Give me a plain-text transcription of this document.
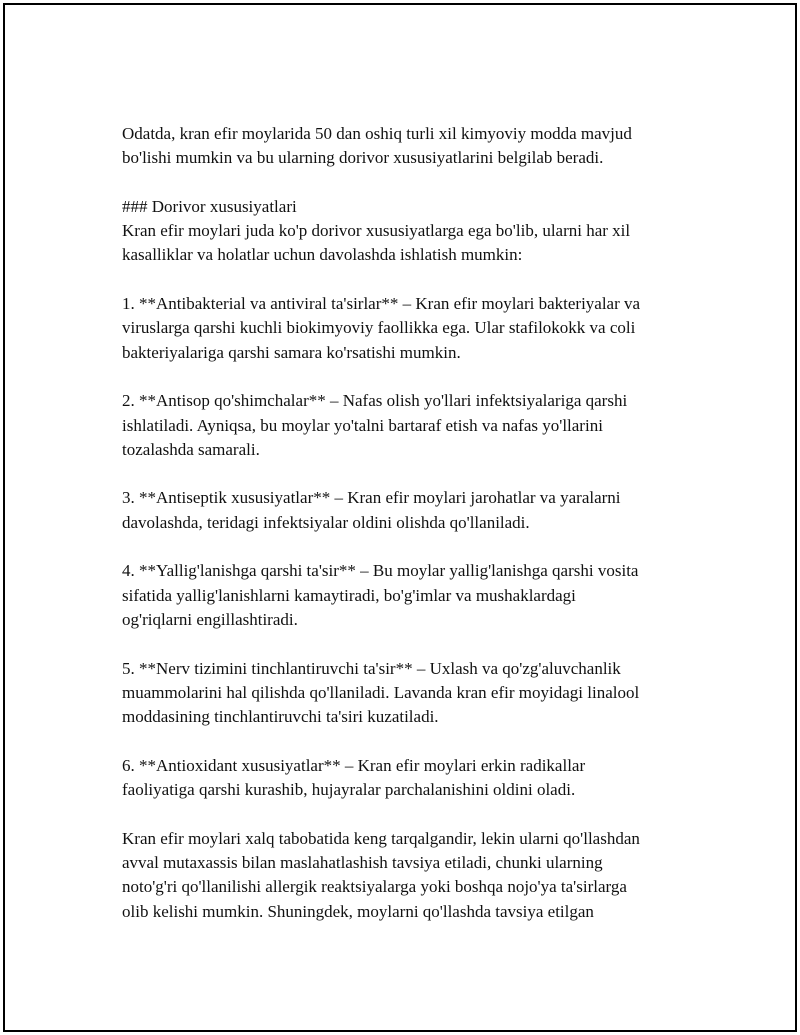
Odatda, kran efir moylarida 50 dan oshiq turli xil kimyoviy modda mavjud
bo'lishi mumkin va bu ularning dorivor xususiyatlarini belgilab beradi.
### Dorivor xususiyatlari
Kran efir moylari juda ko'p dorivor xususiyatlarga ega bo'lib, ularni har xil
kasalliklar va holatlar uchun davolashda ishlatish mumkin:
1. **Antibakterial va antiviral ta'sirlar** – Kran efir moylari bakteriyalar va
viruslarga qarshi kuchli biokimyoviy faollikka ega. Ular stafilokokk va coli
bakteriyalariga qarshi samara ko'rsatishi mumkin.
2. **Antisop qo'shimchalar** – Nafas olish yo'llari infektsiyalariga qarshi
ishlatiladi. Ayniqsa, bu moylar yo'talni bartaraf etish va nafas yo'llarini
tozalashda samarali.
3. **Antiseptik xususiyatlar** – Kran efir moylari jarohatlar va yaralarni
davolashda, teridagi infektsiyalar oldini olishda qo'llaniladi.
4. **Yallig'lanishga qarshi ta'sir** – Bu moylar yallig'lanishga qarshi vosita
sifatida yallig'lanishlarni kamaytiradi, bo'g'imlar va mushaklardagi
og'riqlarni engillashtiradi.
5. **Nerv tizimini tinchlantiruvchi ta'sir** – Uxlash va qo'zg'aluvchanlik
muammolarini hal qilishda qo'llaniladi. Lavanda kran efir moyidagi linalool
moddasining tinchlantiruvchi ta'siri kuzatiladi.
6. **Antioxidant xususiyatlar** – Kran efir moylari erkin radikallar
faoliyatiga qarshi kurashib, hujayralar parchalanishini oldini oladi.
Kran efir moylari xalq tabobatida keng tarqalgandir, lekin ularni qo'llashdan
avval mutaxassis bilan maslahatlashish tavsiya etiladi, chunki ularning
noto'g'ri qo'llanilishi allergik reaktsiyalarga yoki boshqa nojo'ya ta'sirlarga
olib kelishi mumkin. Shuningdek, moylarni qo'llashda tavsiya etilgan
